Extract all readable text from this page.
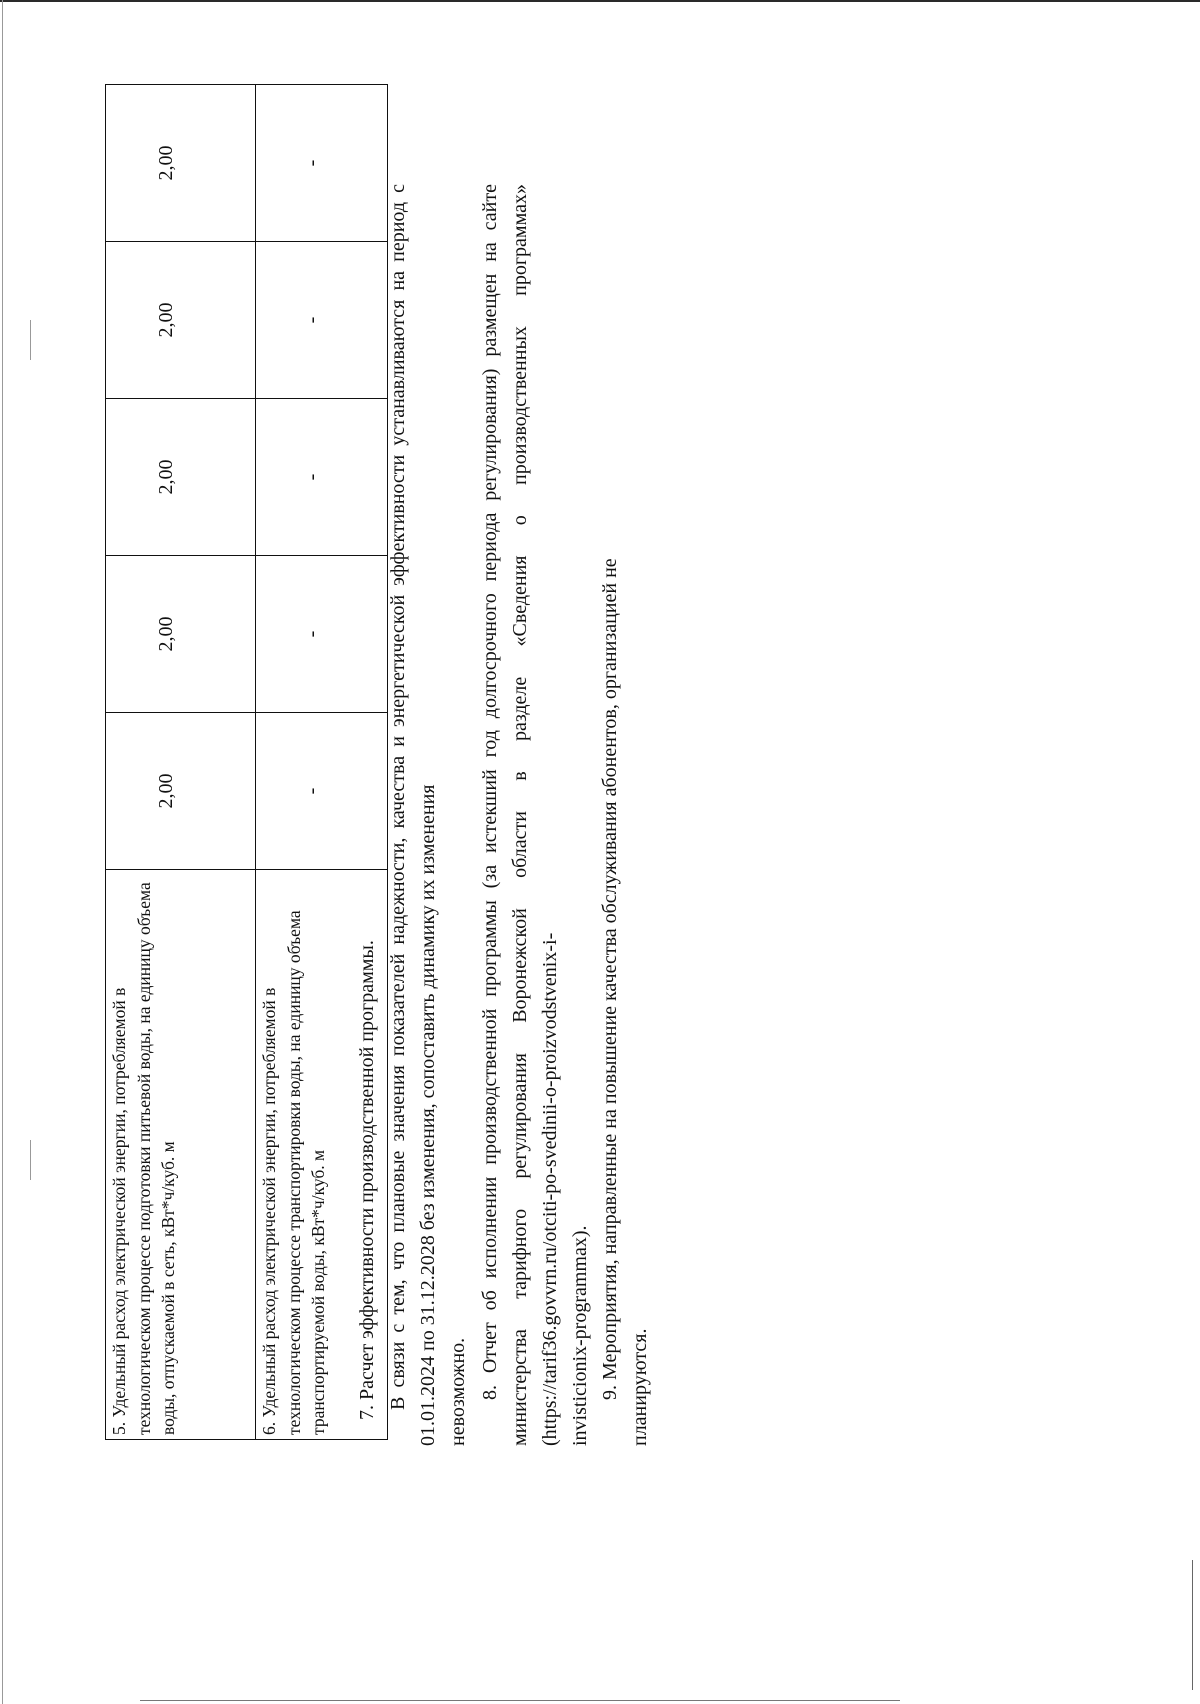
5. Удельный расход электрической энергии, потребляемой в технологическом процессе подготовки питьевой воды, на единицу объема воды, отпускаемой в сеть, кВт*ч/куб. м	2,00	2,00	2,00	2,00	2,00
6. Удельный расход электрической энергии, потребляемой в технологическом процессе транспортировки воды, на единицу объема транспортируемой воды, кВт*ч/куб. м	-	-	-	-	-
7. Расчет эффективности производственной программы. В связи с тем, что плановые значения показателей надежности, качества и энергетической эффективности устанавливаются на период с 01.01.2024 по 31.12.2028 без изменения, сопоставить динамику их изменения невозможно. 8. Отчет об исполнении производственной программы (за истекший год долгосрочного периода регулирования) размещен на сайте министерства тарифного регулирования Воронежской области в разделе «Сведения о производственных программах» (https://tarif36.govvrn.ru/otciti-po-svedinii-o-proizvodstvenix-i- invisticionix-programmax). 9. Мероприятия, направленные на повышение качества обслуживания абонентов, организацией не планируются.
